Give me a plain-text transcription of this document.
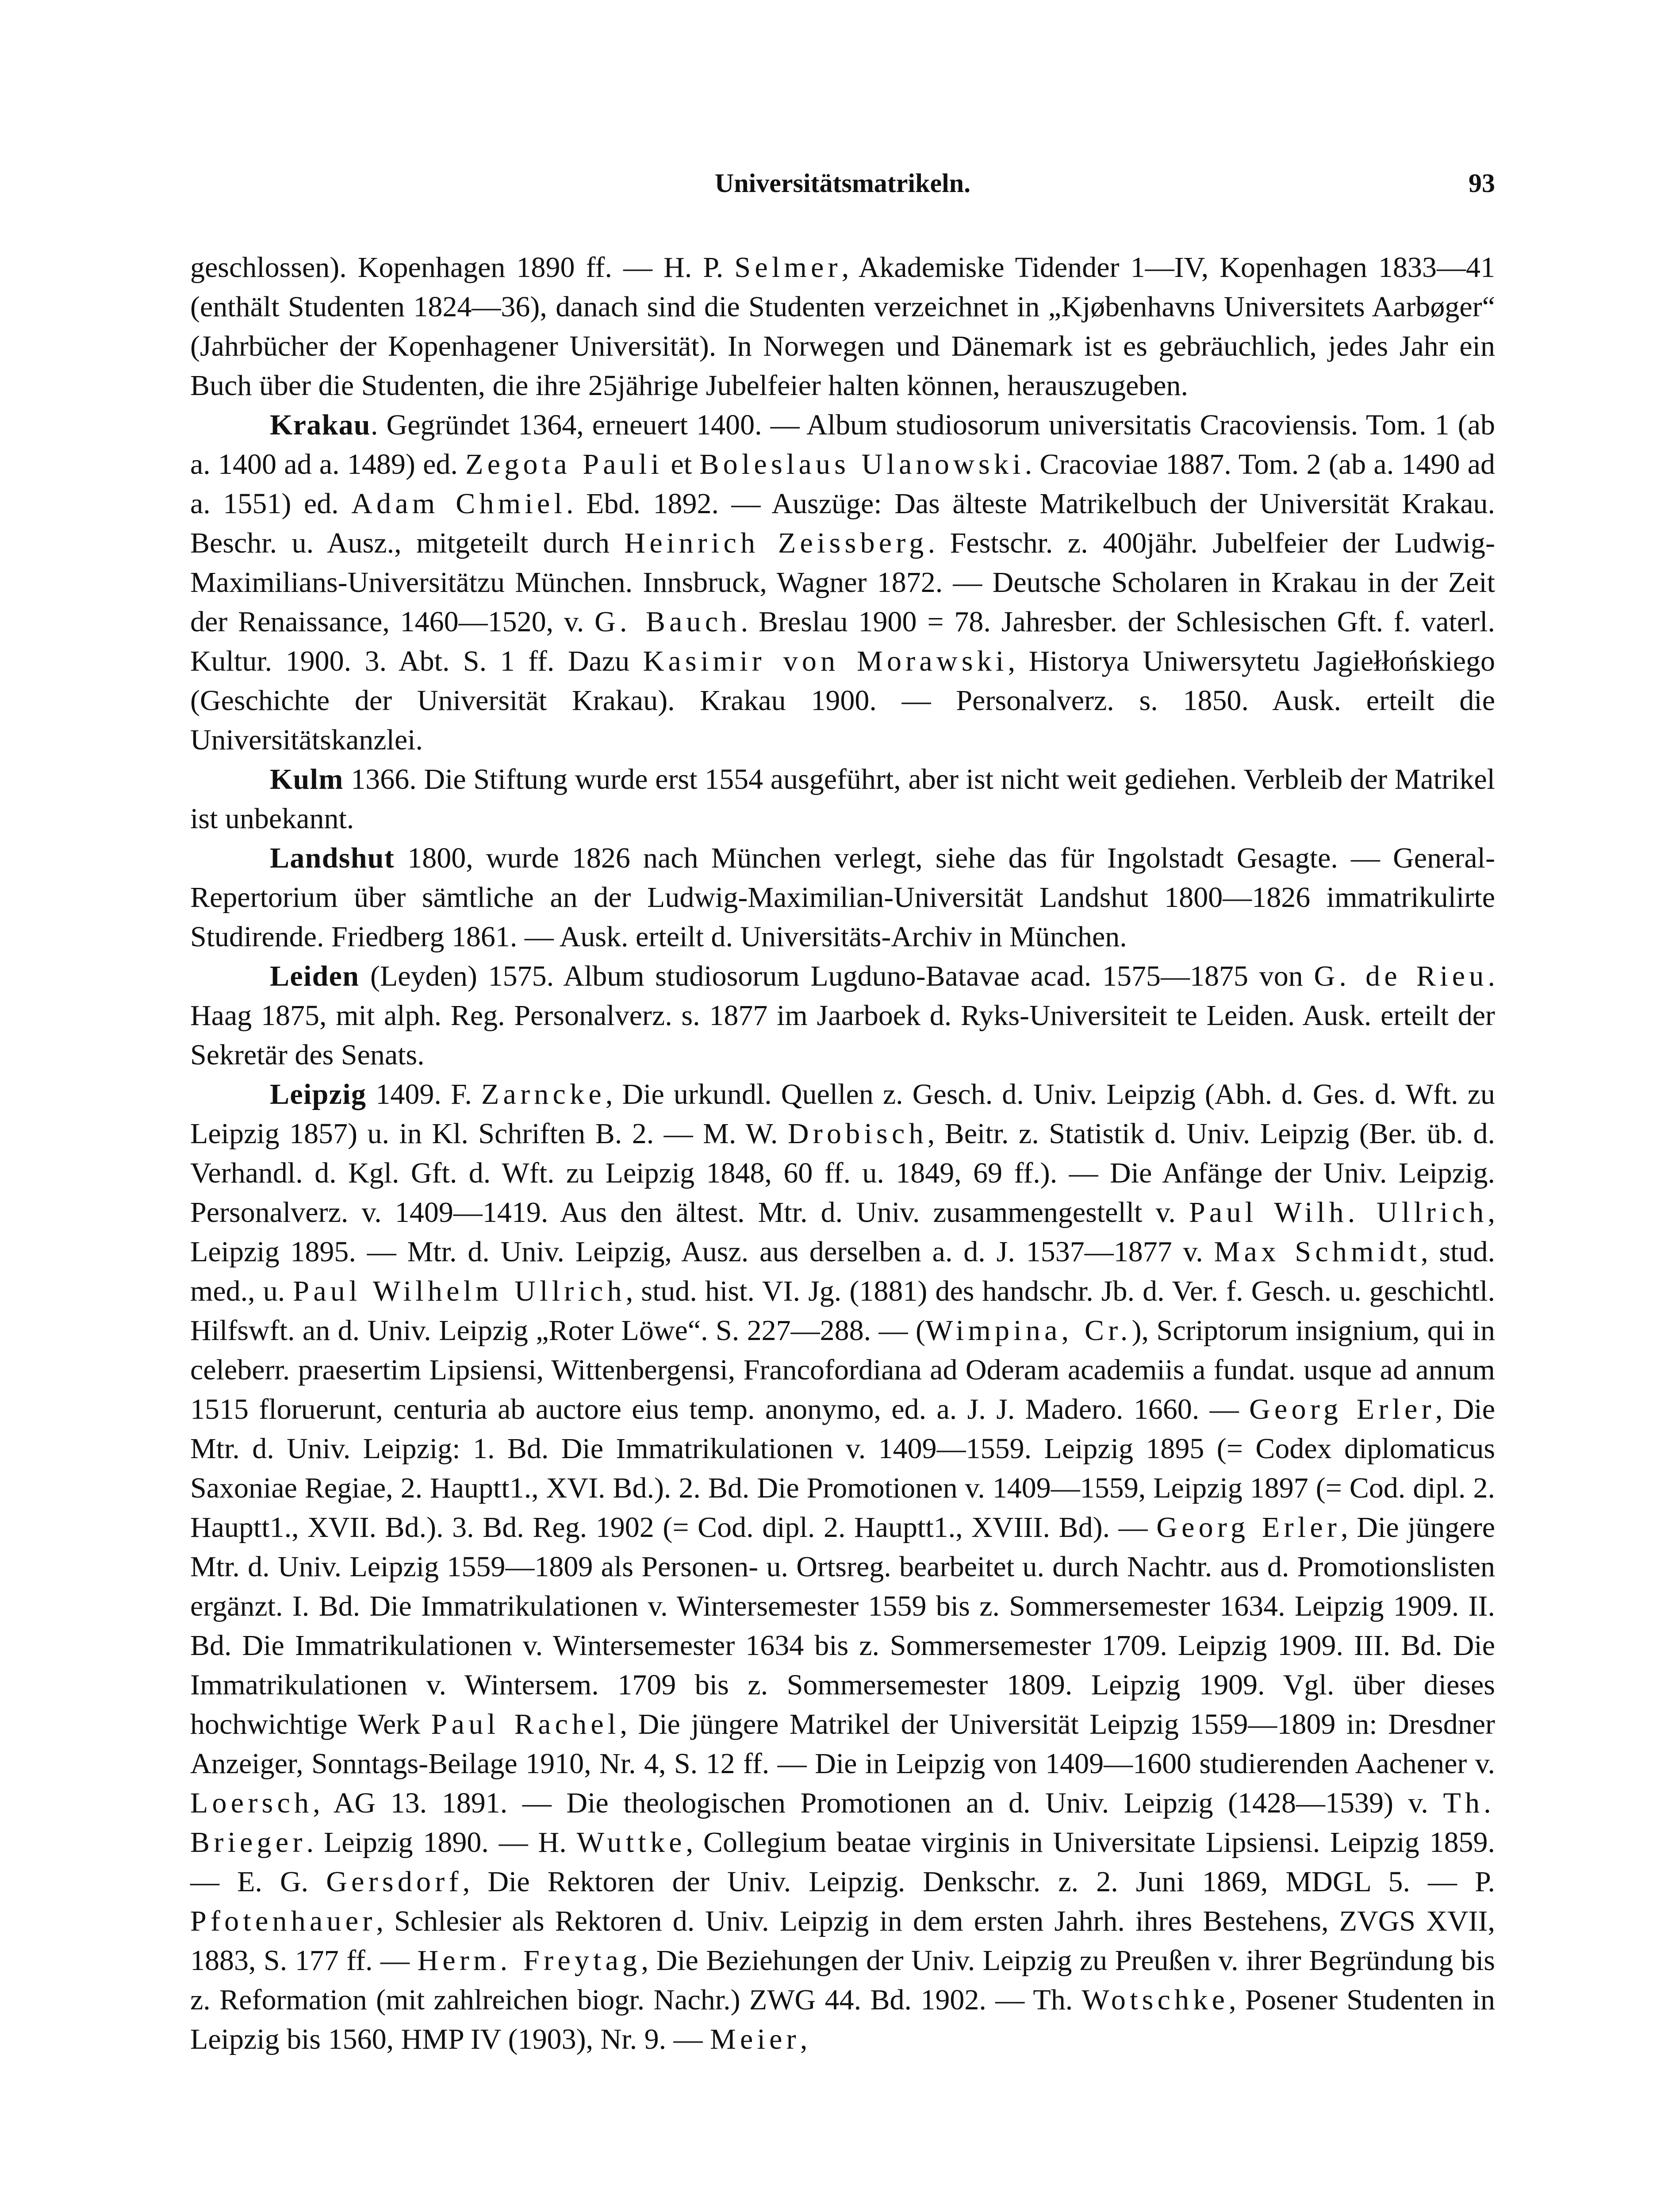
Universitätsmatrikeln.	93

geschlossen). Kopenhagen 1890 ff. — H. P. Selmer, Akademiske Tidender 1—IV, Kopenhagen 1833—41 (enthält Studenten 1824—36), danach sind die Studenten verzeichnet in „Kjøbenhavns Universitets Aarbøger“ (Jahrbücher der Kopenhagener Universität). In Norwegen und Dänemark ist es gebräuchlich, jedes Jahr ein Buch über die Studenten, die ihre 25jährige Jubelfeier halten können, herauszugeben.

Krakau. Gegründet 1364, erneuert 1400. — Album studiosorum universitatis Cracoviensis. Tom. 1 (ab a. 1400 ad a. 1489) ed. Zegota Pauli et Boleslaus Ulanowski. Cracoviae 1887. Tom. 2 (ab a. 1490 ad a. 1551) ed. Adam Chmiel. Ebd. 1892. — Auszüge: Das älteste Matrikelbuch der Universität Krakau. Beschr. u. Ausz., mitgeteilt durch Heinrich Zeissberg. Festschr. z. 400jähr. Jubelfeier der Ludwig-Maximilians-Universitätzu München. Innsbruck, Wagner 1872. — Deutsche Scholaren in Krakau in der Zeit der Renaissance, 1460—1520, v. G. Bauch. Breslau 1900 = 78. Jahresber. der Schlesischen Gft. f. vaterl. Kultur. 1900. 3. Abt. S. 1 ff. Dazu Kasimir von Morawski, Historya Uniwersytetu Jagiełłońskiego (Geschichte der Universität Krakau). Krakau 1900. — Personalverz. s. 1850. Ausk. erteilt die Universitätskanzlei.

Kulm 1366. Die Stiftung wurde erst 1554 ausgeführt, aber ist nicht weit gediehen. Verbleib der Matrikel ist unbekannt.

Landshut 1800, wurde 1826 nach München verlegt, siehe das für Ingolstadt Gesagte. — General-Repertorium über sämtliche an der Ludwig-Maximilian-Universität Landshut 1800—1826 immatrikulirte Studirende. Friedberg 1861. — Ausk. erteilt d. Universitäts-Archiv in München.

Leiden (Leyden) 1575. Album studiosorum Lugduno-Batavae acad. 1575—1875 von G. de Rieu. Haag 1875, mit alph. Reg. Personalverz. s. 1877 im Jaarboek d. Ryks-Universiteit te Leiden. Ausk. erteilt der Sekretär des Senats.

Leipzig 1409. F. Zarncke, Die urkundl. Quellen z. Gesch. d. Univ. Leipzig (Abh. d. Ges. d. Wft. zu Leipzig 1857) u. in Kl. Schriften B. 2. — M. W. Drobisch, Beitr. z. Statistik d. Univ. Leipzig (Ber. üb. d. Verhandl. d. Kgl. Gft. d. Wft. zu Leipzig 1848, 60 ff. u. 1849, 69 ff.). — Die Anfänge der Univ. Leipzig. Personalverz. v. 1409—1419. Aus den ältest. Mtr. d. Univ. zusammengestellt v. Paul Wilh. Ullrich, Leipzig 1895. — Mtr. d. Univ. Leipzig, Ausz. aus derselben a. d. J. 1537—1877 v. Max Schmidt, stud. med., u. Paul Wilhelm Ullrich, stud. hist. VI. Jg. (1881) des handschr. Jb. d. Ver. f. Gesch. u. geschichtl. Hilfswft. an d. Univ. Leipzig „Roter Löwe“. S. 227—288. — (Wimpina, Cr.), Scriptorum insignium, qui in celeberr. praesertim Lipsiensi, Wittenbergensi, Francofordiana ad Oderam academiis a fundat. usque ad annum 1515 floruerunt, centuria ab auctore eius temp. anonymo, ed. a. J. J. Madero. 1660. — Georg Erler, Die Mtr. d. Univ. Leipzig: 1. Bd. Die Immatrikulationen v. 1409—1559. Leipzig 1895 (= Codex diplomaticus Saxoniae Regiae, 2. Hauptt1., XVI. Bd.). 2. Bd. Die Promotionen v. 1409—1559, Leipzig 1897 (= Cod. dipl. 2. Hauptt1., XVII. Bd.). 3. Bd. Reg. 1902 (= Cod. dipl. 2. Hauptt1., XVIII. Bd). — Georg Erler, Die jüngere Mtr. d. Univ. Leipzig 1559—1809 als Personen- u. Ortsreg. bearbeitet u. durch Nachtr. aus d. Promotionslisten ergänzt. I. Bd. Die Immatrikulationen v. Wintersemester 1559 bis z. Sommersemester 1634. Leipzig 1909. II. Bd. Die Immatrikulationen v. Wintersemester 1634 bis z. Sommersemester 1709. Leipzig 1909. III. Bd. Die Immatrikulationen v. Wintersem. 1709 bis z. Sommersemester 1809. Leipzig 1909. Vgl. über dieses hochwichtige Werk Paul Rachel, Die jüngere Matrikel der Universität Leipzig 1559—1809 in: Dresdner Anzeiger, Sonntags-Beilage 1910, Nr. 4, S. 12 ff. — Die in Leipzig von 1409—1600 studierenden Aachener v. Loersch, AG 13. 1891. — Die theologischen Promotionen an d. Univ. Leipzig (1428—1539) v. Th. Brieger. Leipzig 1890. — H. Wuttke, Collegium beatae virginis in Universitate Lipsiensi. Leipzig 1859. — E. G. Gersdorf, Die Rektoren der Univ. Leipzig. Denkschr. z. 2. Juni 1869, MDGL 5. — P. Pfotenhauer, Schlesier als Rektoren d. Univ. Leipzig in dem ersten Jahrh. ihres Bestehens, ZVGS XVII, 1883, S. 177 ff. — Herm. Freytag, Die Beziehungen der Univ. Leipzig zu Preußen v. ihrer Begründung bis z. Reformation (mit zahlreichen biogr. Nachr.) ZWG 44. Bd. 1902. — Th. Wotschke, Posener Studenten in Leipzig bis 1560, HMP IV (1903), Nr. 9. — Meier,
